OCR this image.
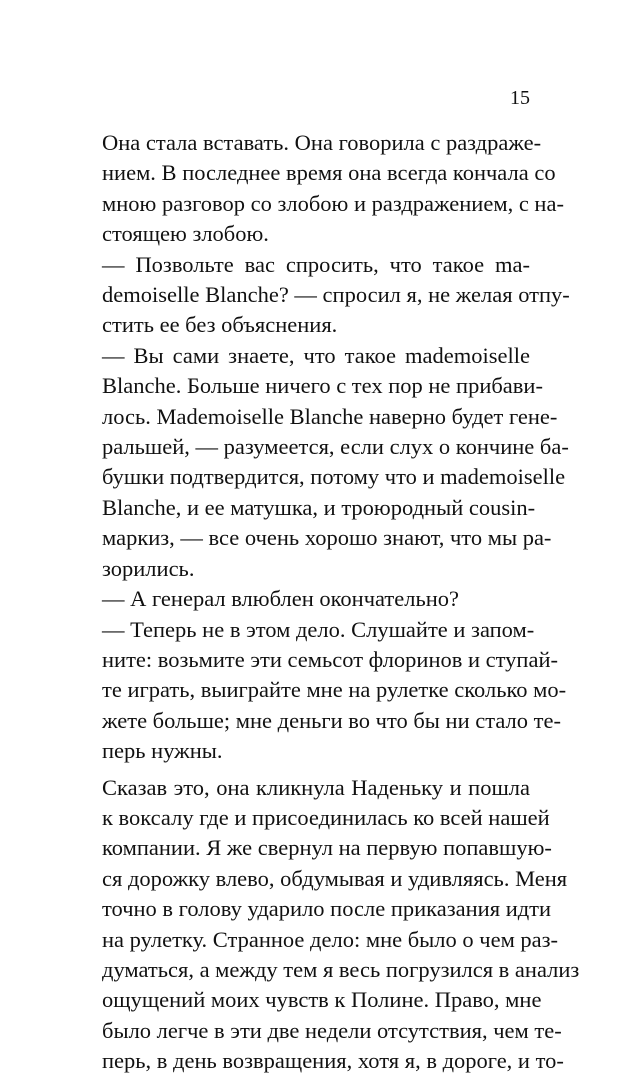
15

Она стала вставать. Она говорила с раздраже-
нием. В последнее время она всегда кончала со
мною разговор со злобою и раздражением, с на-
стоящею злобою.

— Позвольте вас спросить, что такое ma-
demoiselle Blanche? — спросил я, не желая отпу-
стить ее без объяснения.

— Вы сами знаете, что такое mademoiselle
Blanche. Больше ничего с тех пор не прибави-
лось. Mademoiselle Blanche наверно будет гене-
ральшей, — разумеется, если слух о кончине ба-
бушки подтвердится, потому что и mademoiselle
Blanche, и ее матушка, и троюродный cousin-
маркиз, — все очень хорошо знают, что мы ра-
зорились.

— А генерал влюблен окончательно?

— Теперь не в этом дело. Слушайте и запом-
ните: возьмите эти семьсот флоринов и ступай-
те играть, выиграйте мне на рулетке сколько мо-
жете больше; мне деньги во что бы ни стало те-
перь нужны.

Сказав это, она кликнула Наденьку и пошла
к воксалу где и присоединилась ко всей нашей
компании. Я же свернул на первую попавшую-
ся дорожку влево, обдумывая и удивляясь. Меня
точно в голову ударило после приказания идти
на рулетку. Странное дело: мне было о чем раз-
думаться, а между тем я весь погрузился в анализ
ощущений моих чувств к Полине. Право, мне
было легче в эти две недели отсутствия, чем те-
перь, в день возвращения, хотя я, в дороге, и то-
